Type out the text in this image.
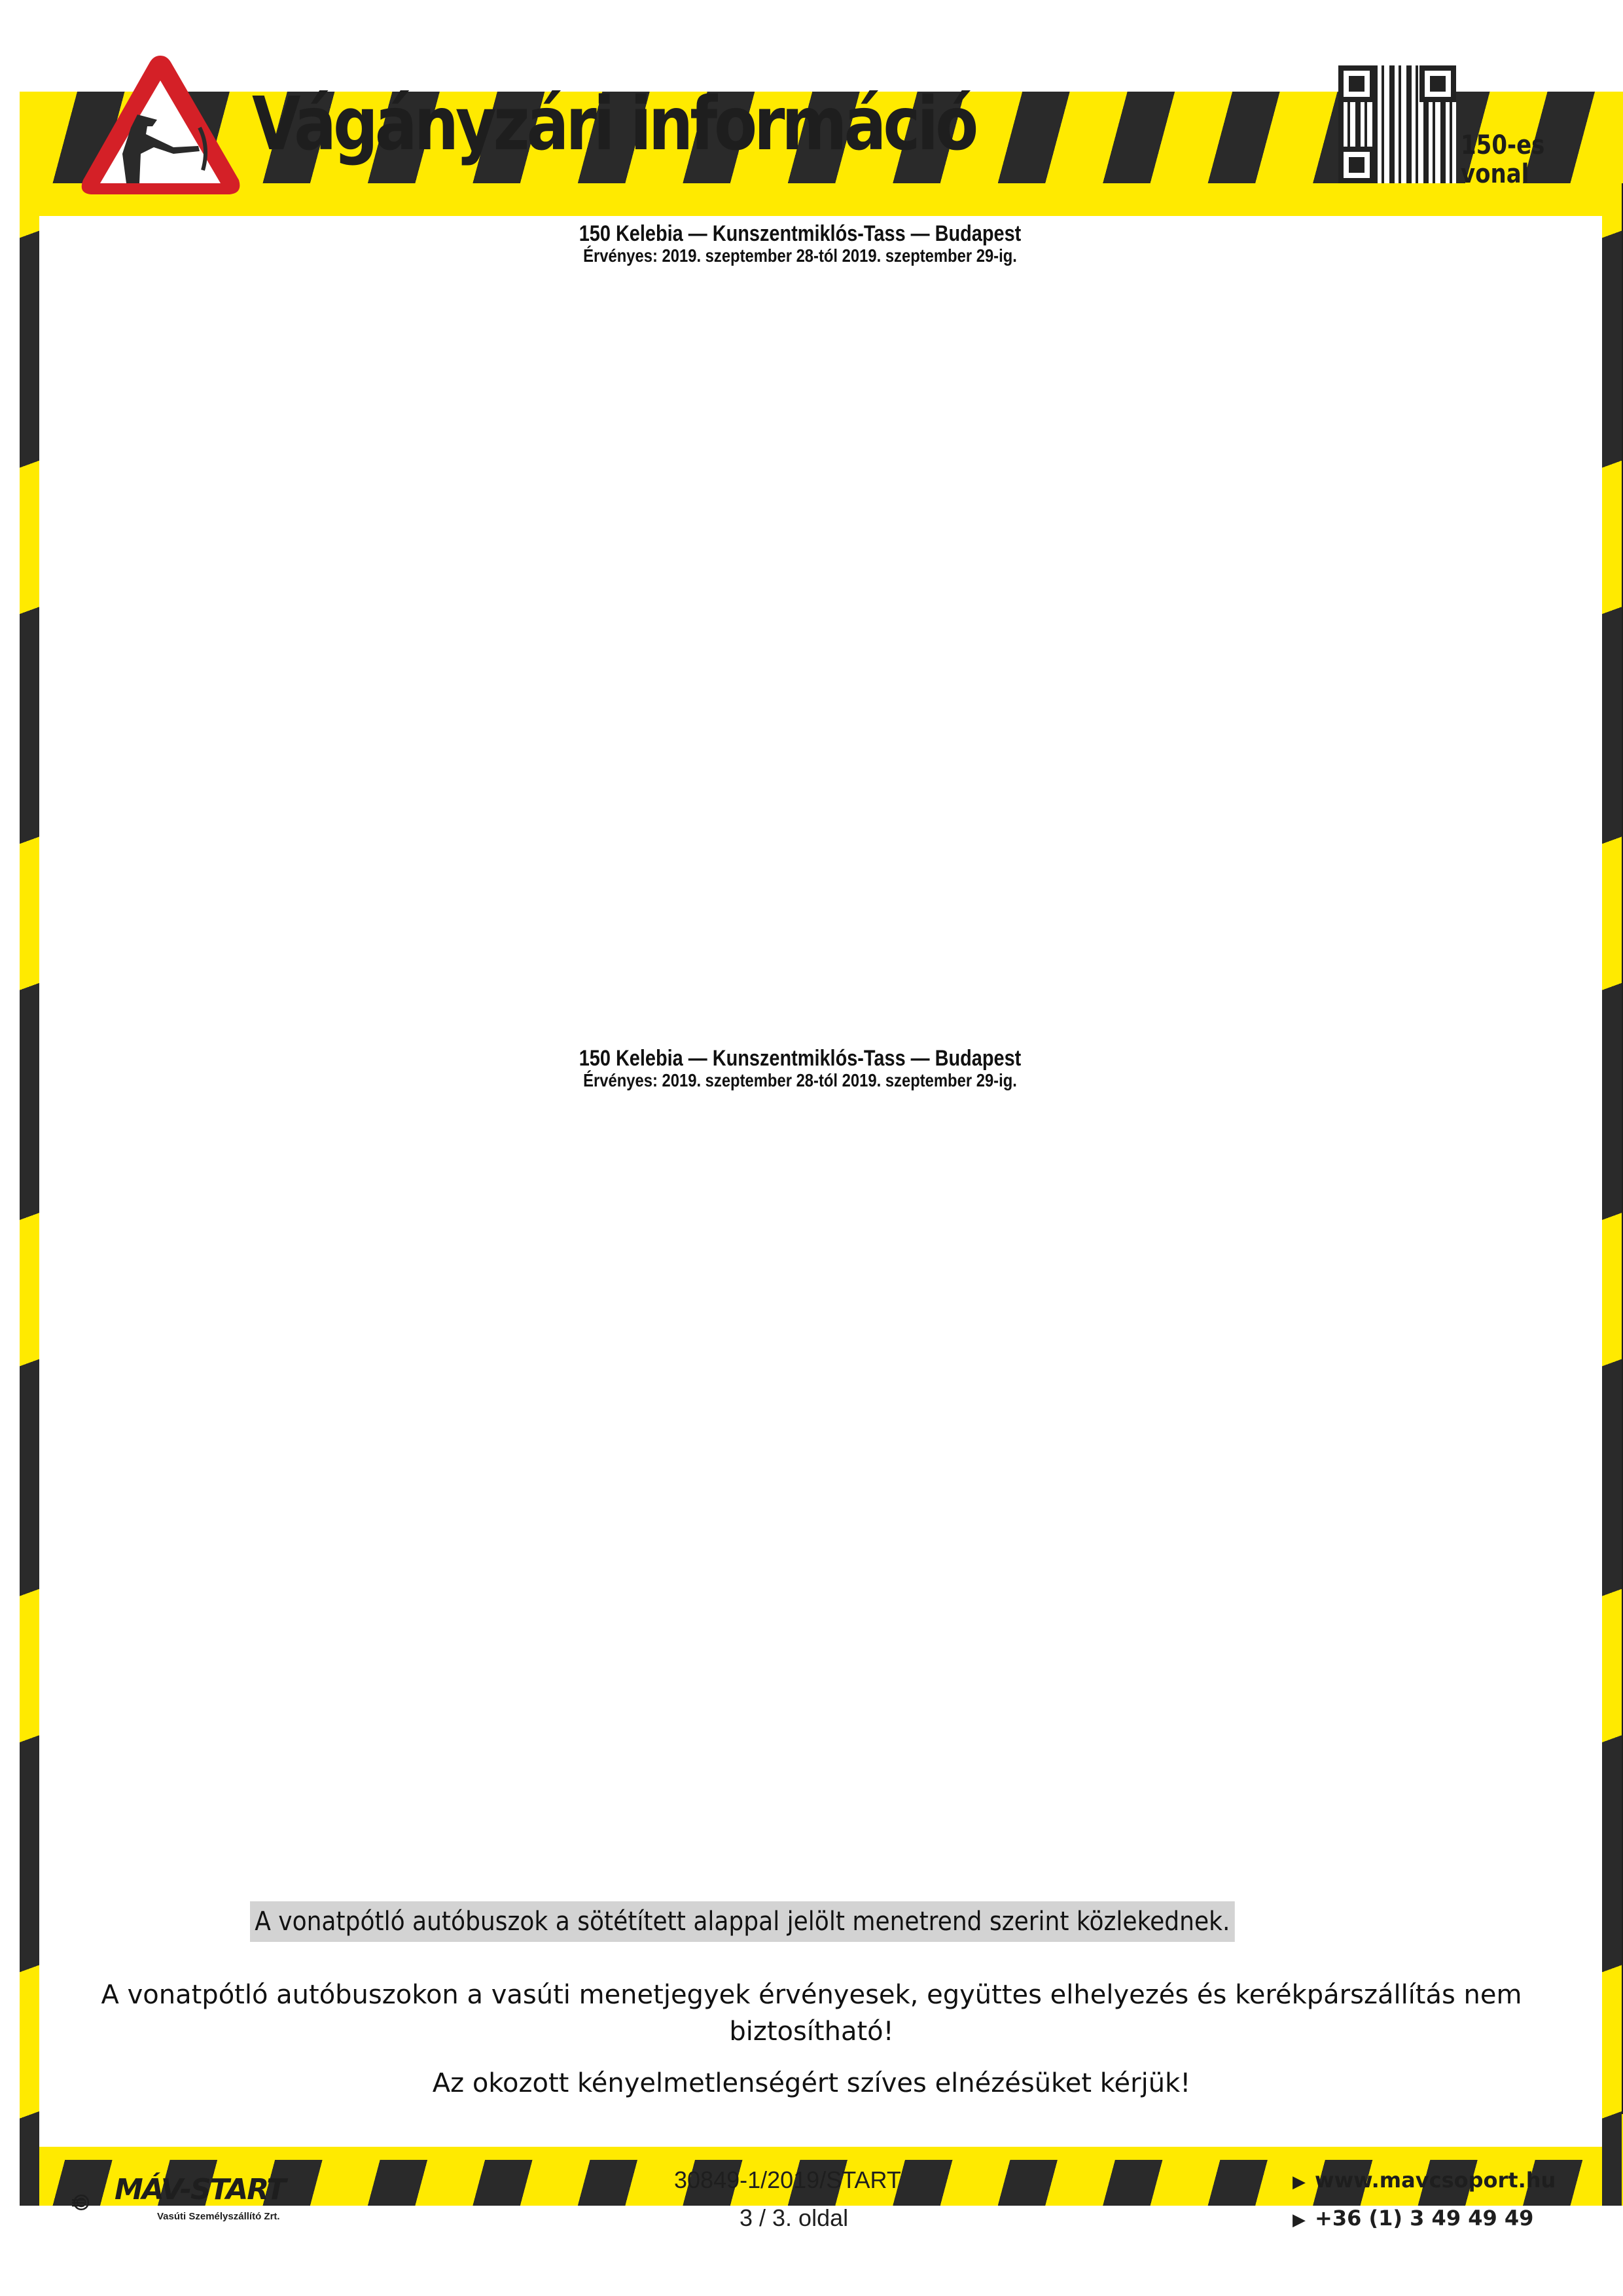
Vágányzári információ	150-es
vonal
150 Kelebia — Kunszentmiklós-Tass — Budapest
Érvényes: 2019. szeptember 28-tól 2019. szeptember 29-ig.
150 Kelebia — Kunszentmiklós-Tass — Budapest
Érvényes: 2019. szeptember 28-tól 2019. szeptember 29-ig.
A vonatpótló autóbuszok a sötétített alappal jelölt menetrend szerint közlekednek.
A vonatpótló autóbuszokon a vasúti menetjegyek érvényesek, együttes elhelyezés és kerékpárszállítás nem biztosítható!
Az okozott kényelmetlenségért szíves elnézésüket kérjük!
MÁV-START
Vasúti Személyszállító Zrt.
30849-1/2019/START
3 / 3. oldal
▶ www.mavcsoport.hu
▶ +36 (1) 3 49 49 49
